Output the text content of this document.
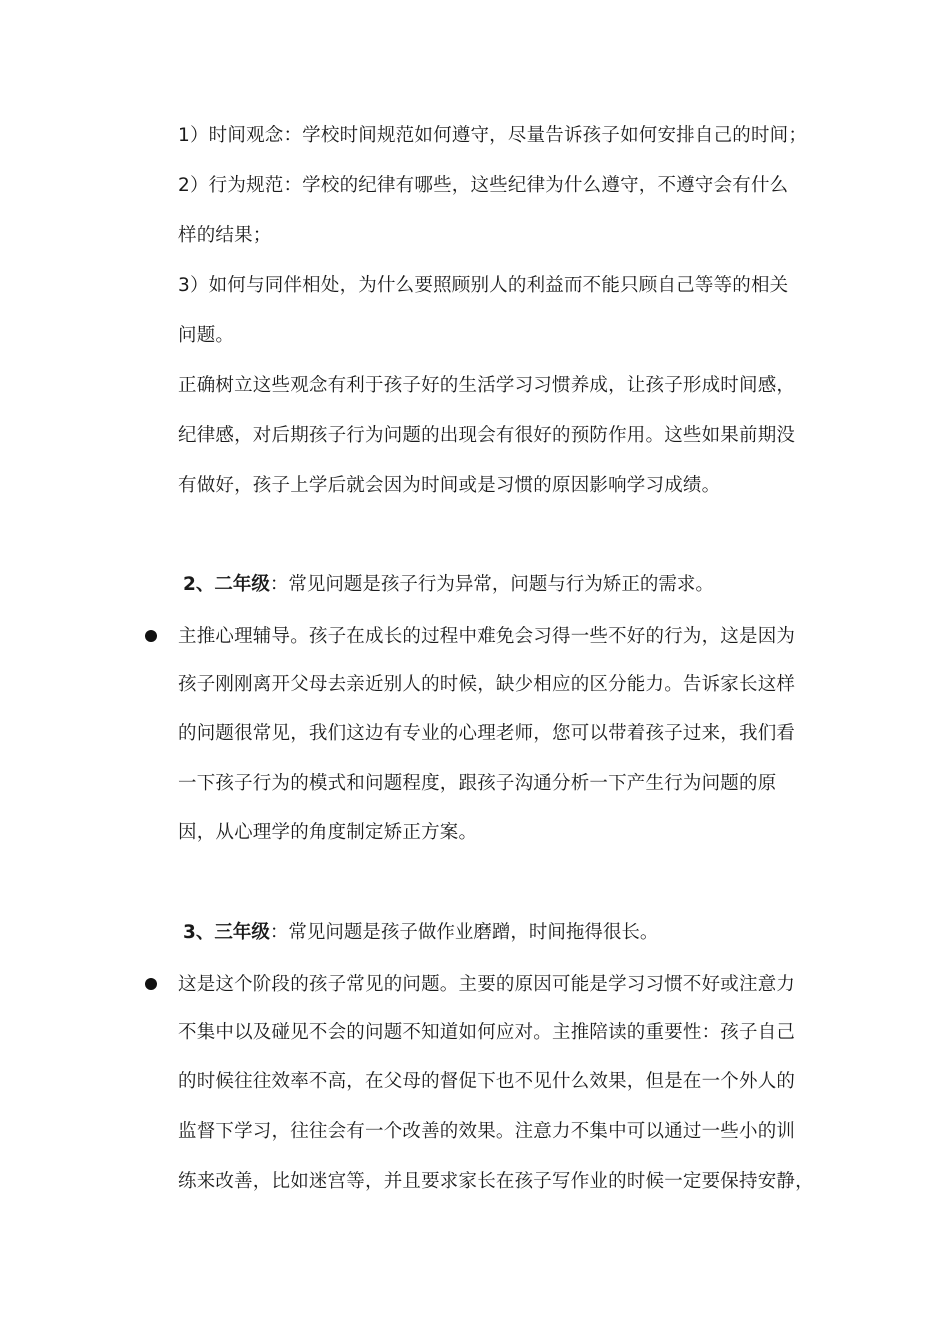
1）时间观念：学校时间规范如何遵守，尽量告诉孩子如何安排自己的时间；
2）行为规范：学校的纪律有哪些，这些纪律为什么遵守，不遵守会有什么
样的结果；
3）如何与同伴相处，为什么要照顾别人的利益而不能只顾自己等等的相关
问题。
正确树立这些观念有利于孩子好的生活学习习惯养成，让孩子形成时间感，
纪律感，对后期孩子行为问题的出现会有很好的预防作用。这些如果前期没
有做好，孩子上学后就会因为时间或是习惯的原因影响学习成绩。
2、二年级：常见问题是孩子行为异常，问题与行为矫正的需求。
主推心理辅导。孩子在成长的过程中难免会习得一些不好的行为，这是因为
孩子刚刚离开父母去亲近别人的时候，缺少相应的区分能力。告诉家长这样
的问题很常见，我们这边有专业的心理老师，您可以带着孩子过来，我们看
一下孩子行为的模式和问题程度，跟孩子沟通分析一下产生行为问题的原
因，从心理学的角度制定矫正方案。
3、三年级：常见问题是孩子做作业磨蹭，时间拖得很长。
这是这个阶段的孩子常见的问题。主要的原因可能是学习习惯不好或注意力
不集中以及碰见不会的问题不知道如何应对。主推陪读的重要性：孩子自己
的时候往往效率不高，在父母的督促下也不见什么效果，但是在一个外人的
监督下学习，往往会有一个改善的效果。注意力不集中可以通过一些小的训
练来改善，比如迷宫等，并且要求家长在孩子写作业的时候一定要保持安静，
